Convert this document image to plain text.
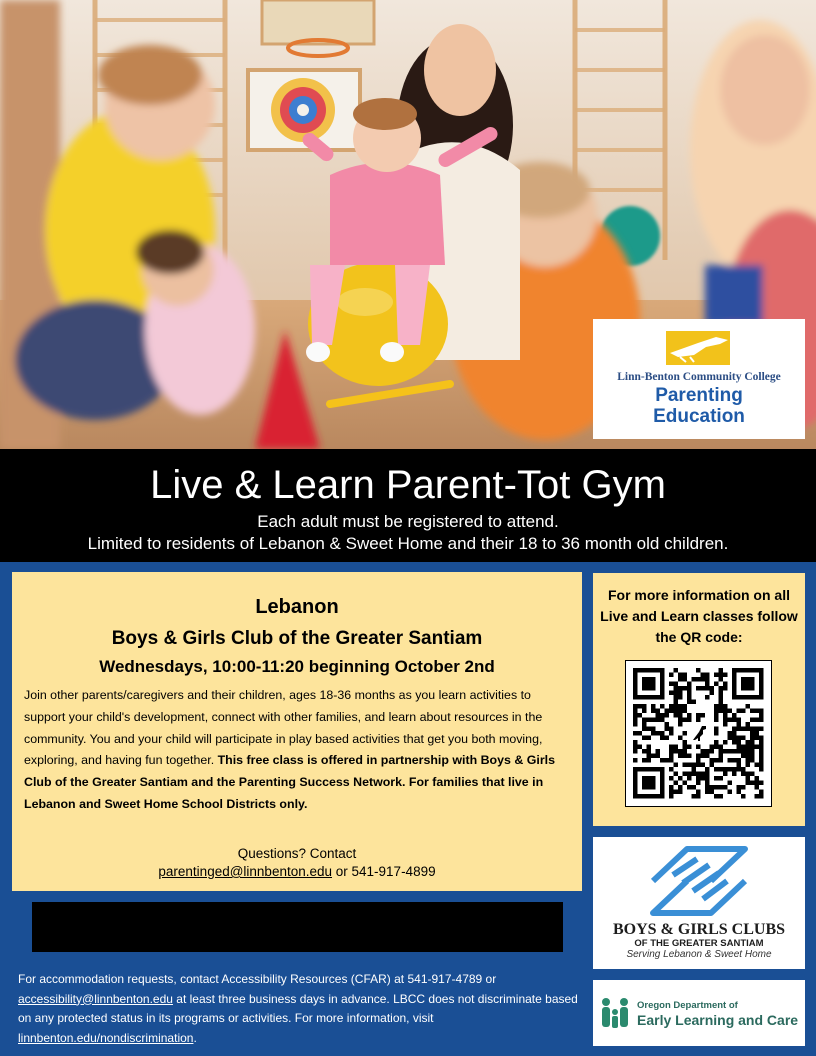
Linn-Benton Community College
Parenting
Education
Live & Learn Parent-Tot Gym
Each adult must be registered to attend.
Limited to residents of Lebanon & Sweet Home and their 18 to 36 month old children.
Lebanon
Boys & Girls Club of the Greater Santiam
Wednesdays, 10:00-11:20 beginning October 2nd
Join other parents/caregivers and their children, ages 18-36 months as you learn activities to support your child's development, connect with other families, and learn about resources in the community. You and your child will participate in play based activities that get you both moving, exploring, and having fun together. This free class is offered in partnership with Boys & Girls Club of the Greater Santiam and the Parenting Success Network. For families that live in Lebanon and Sweet Home School Districts only.
Questions? Contact
parentinged@linnbenton.edu or 541-917-4899
For accommodation requests, contact Accessibility Resources (CFAR) at 541-917-4789 or accessibility@linnbenton.edu at least three business days in advance. LBCC does not discriminate based on any protected status in its programs or activities. For more information, visit linnbenton.edu/nondiscrimination.
For more information on all Live and Learn classes follow the QR code:
BOYS & GIRLS CLUBS
OF THE GREATER SANTIAM
Serving Lebanon & Sweet Home
Oregon Department of
Early Learning and Care
